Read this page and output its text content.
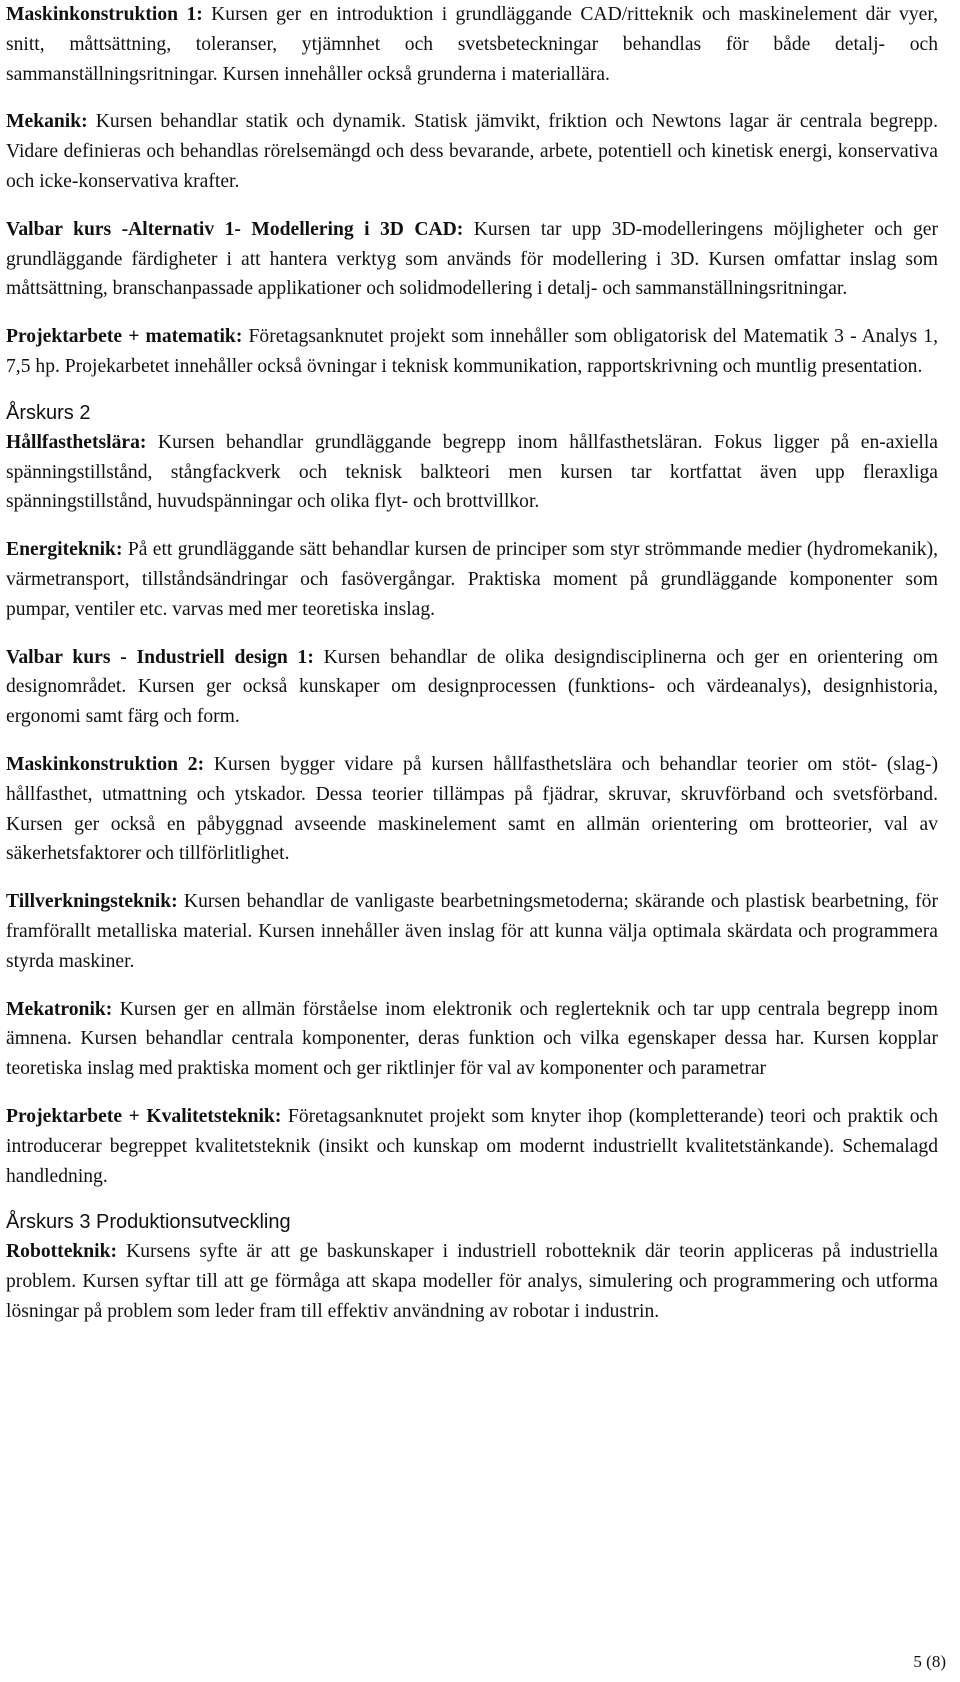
Maskinkonstruktion 1: Kursen ger en introduktion i grundläggande CAD/ritteknik och maskinelement där vyer, snitt, måttsättning, toleranser, ytjämnhet och svetsbeteckningar behandlas för både detalj- och sammanställningsritningar. Kursen innehåller också grunderna i materiallära.

Mekanik: Kursen behandlar statik och dynamik. Statisk jämvikt, friktion och Newtons lagar är centrala begrepp. Vidare definieras och behandlas rörelsemängd och dess bevarande, arbete, potentiell och kinetisk energi, konservativa och icke-konservativa krafter.

Valbar kurs -Alternativ 1- Modellering i 3D CAD: Kursen tar upp 3D-modelleringens möjligheter och ger grundläggande färdigheter i att hantera verktyg som används för modellering i 3D. Kursen omfattar inslag som måttsättning, branschanpassade applikationer och solidmodellering i detalj- och sammanställningsritningar.

Projektarbete + matematik: Företagsanknutet projekt som innehåller som obligatorisk del Matematik 3 - Analys 1, 7,5 hp. Projekarbetet innehåller också övningar i teknisk kommunikation, rapportskrivning och muntlig presentation.

Årskurs 2

Hållfasthetslära: Kursen behandlar grundläggande begrepp inom hållfasthetsläran. Fokus ligger på en-axiella spänningstillstånd, stångfackverk och teknisk balkteori men kursen tar kortfattat även upp fleraxliga spänningstillstånd, huvudspänningar och olika flyt- och brottvillkor.

Energiteknik: På ett grundläggande sätt behandlar kursen de principer som styr strömmande medier (hydromekanik), värmetransport, tillståndsändringar och fasövergångar. Praktiska moment på grundläggande komponenter som pumpar, ventiler etc. varvas med mer teoretiska inslag.

Valbar kurs - Industriell design 1: Kursen behandlar de olika designdisciplinerna och ger en orientering om designområdet. Kursen ger också kunskaper om designprocessen (funktions- och värdeanalys), designhistoria, ergonomi samt färg och form.

Maskinkonstruktion 2: Kursen bygger vidare på kursen hållfasthetslära och behandlar teorier om stöt- (slag-) hållfasthet, utmattning och ytskador. Dessa teorier tillämpas på fjädrar, skruvar, skruvförband och svetsförband. Kursen ger också en påbyggnad avseende maskinelement samt en allmän orientering om brotteorier, val av säkerhetsfaktorer och tillförlitlighet.

Tillverkningsteknik: Kursen behandlar de vanligaste bearbetningsmetoderna; skärande och plastisk bearbetning, för framförallt metalliska material. Kursen innehåller även inslag för att kunna välja optimala skärdata och programmera styrda maskiner.

Mekatronik: Kursen ger en allmän förståelse inom elektronik och reglerteknik och tar upp centrala begrepp inom ämnena. Kursen behandlar centrala komponenter, deras funktion och vilka egenskaper dessa har. Kursen kopplar teoretiska inslag med praktiska moment och ger riktlinjer för val av komponenter och parametrar

Projektarbete + Kvalitetsteknik: Företagsanknutet projekt som knyter ihop (kompletterande) teori och praktik och introducerar begreppet kvalitetsteknik (insikt och kunskap om modernt industriellt kvalitetstänkande). Schemalagd handledning.

Årskurs 3 Produktionsutveckling

Robotteknik: Kursens syfte är att ge baskunskaper i industriell robotteknik där teorin appliceras på industriella problem. Kursen syftar till att ge förmåga att skapa modeller för analys, simulering och programmering och utforma lösningar på problem som leder fram till effektiv användning av robotar i industrin.

5 (8)
